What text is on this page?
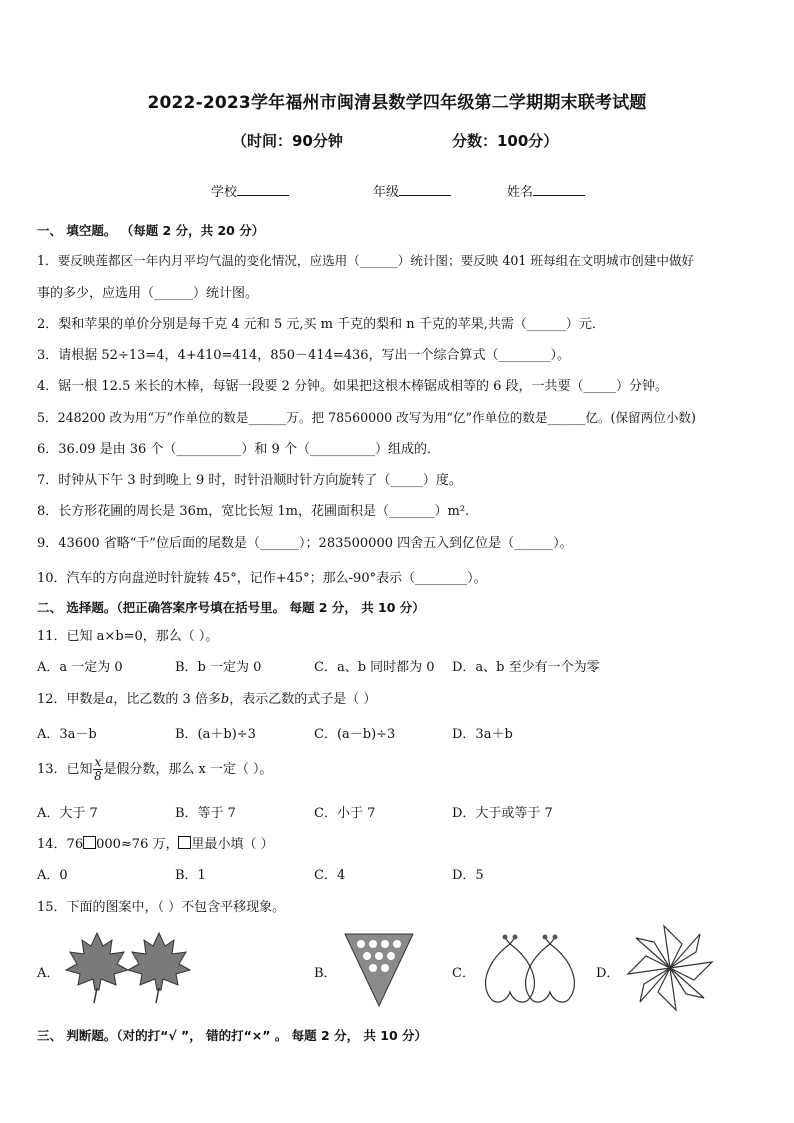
2022-2023学年福州市闽清县数学四年级第二学期期末联考试题
（时间：90分钟	分数：100分）
学校	年级	姓名
一、 填空题。 （每题 2 分，共 20 分）
1．要反映莲都区一年内月平均气温的变化情况，应选用（______）统计图；要反映 401 班每组在文明城市创建中做好
事的多少，应选用（______）统计图。
2．梨和苹果的单价分别是每千克 4 元和 5 元,买 m 千克的梨和 n 千克的苹果,共需（______）元．
3．请根据 52÷13=4，4+410=414，850－414=436，写出一个综合算式（________）。
4．锯一根 12.5 米长的木棒，每锯一段要 2 分钟。如果把这根木棒锯成相等的 6 段，一共要（_____）分钟。
5．248200 改为用“万”作单位的数是______万。把 78560000 改写为用“亿”作单位的数是______亿。(保留两位小数)
6．36.09 是由 36 个（__________）和 9 个（__________）组成的．
7．时钟从下午 3 时到晚上 9 时，时针沿顺时针方向旋转了（_____）度。
8．长方形花圃的周长是 36m，宽比长短 1m，花圃面积是（_______）m².
9．43600 省略“千”位后面的尾数是（______）；283500000 四舍五入到亿位是（______）。
10．汽车的方向盘逆时针旋转 45°，记作+45°；那么-90°表示（________）。
二、 选择题。（把正确答案序号填在括号里。 每题 2 分， 共 10 分）
11．已知 a×b=0，那么（ ）。
A．a 一定为 0	B．b 一定为 0	C．a、b 同时都为 0 D．a、b 至少有一个为零
12．甲数是a，比乙数的 3 倍多b，表示乙数的式子是（ ）
A．3a－b	B．(a＋b)÷3	C．(a－b)÷3	D．3a＋b
13．已知 $\frac{x}{8}$ 是假分数，那么 x 一定（ ）。
A．大于 7	B．等于 7	C．小于 7	D．大于或等于 7
14．76 000≈76 万， 里最小填（ ）
A．0	B．1	C．4	D．5
15．下面的图案中，（ ）不包含平移现象。
A．	B．	C．	D．
三、 判断题。（对的打“√ ”， 错的打“×” 。 每题 2 分， 共 10 分）
